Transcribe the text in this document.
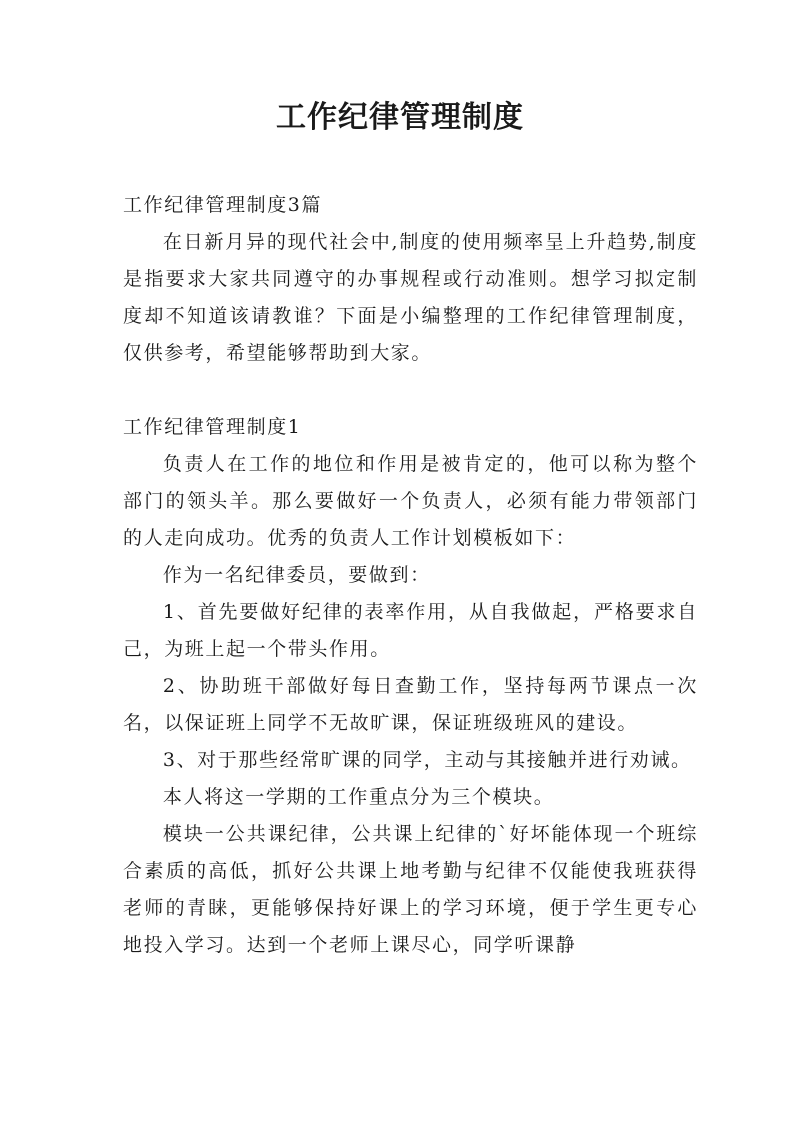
工作纪律管理制度

工作纪律管理制度3篇

在日新月异的现代社会中,制度的使用频率呈上升趋势,制度是指要求大家共同遵守的办事规程或行动准则。想学习拟定制度却不知道该请教谁？下面是小编整理的工作纪律管理制度，仅供参考，希望能够帮助到大家。

工作纪律管理制度1

负责人在工作的地位和作用是被肯定的，他可以称为整个部门的领头羊。那么要做好一个负责人，必须有能力带领部门的人走向成功。优秀的负责人工作计划模板如下：

作为一名纪律委员，要做到：

1、首先要做好纪律的表率作用，从自我做起，严格要求自己，为班上起一个带头作用。

2、协助班干部做好每日查勤工作，坚持每两节课点一次名，以保证班上同学不无故旷课，保证班级班风的建设。

3、对于那些经常旷课的同学，主动与其接触并进行劝诫。

本人将这一学期的工作重点分为三个模块。

模块一公共课纪律，公共课上纪律的`好坏能体现一个班综合素质的高低，抓好公共课上地考勤与纪律不仅能使我班获得老师的青睐，更能够保持好课上的学习环境，便于学生更专心地投入学习。达到一个老师上课尽心，同学听课静
